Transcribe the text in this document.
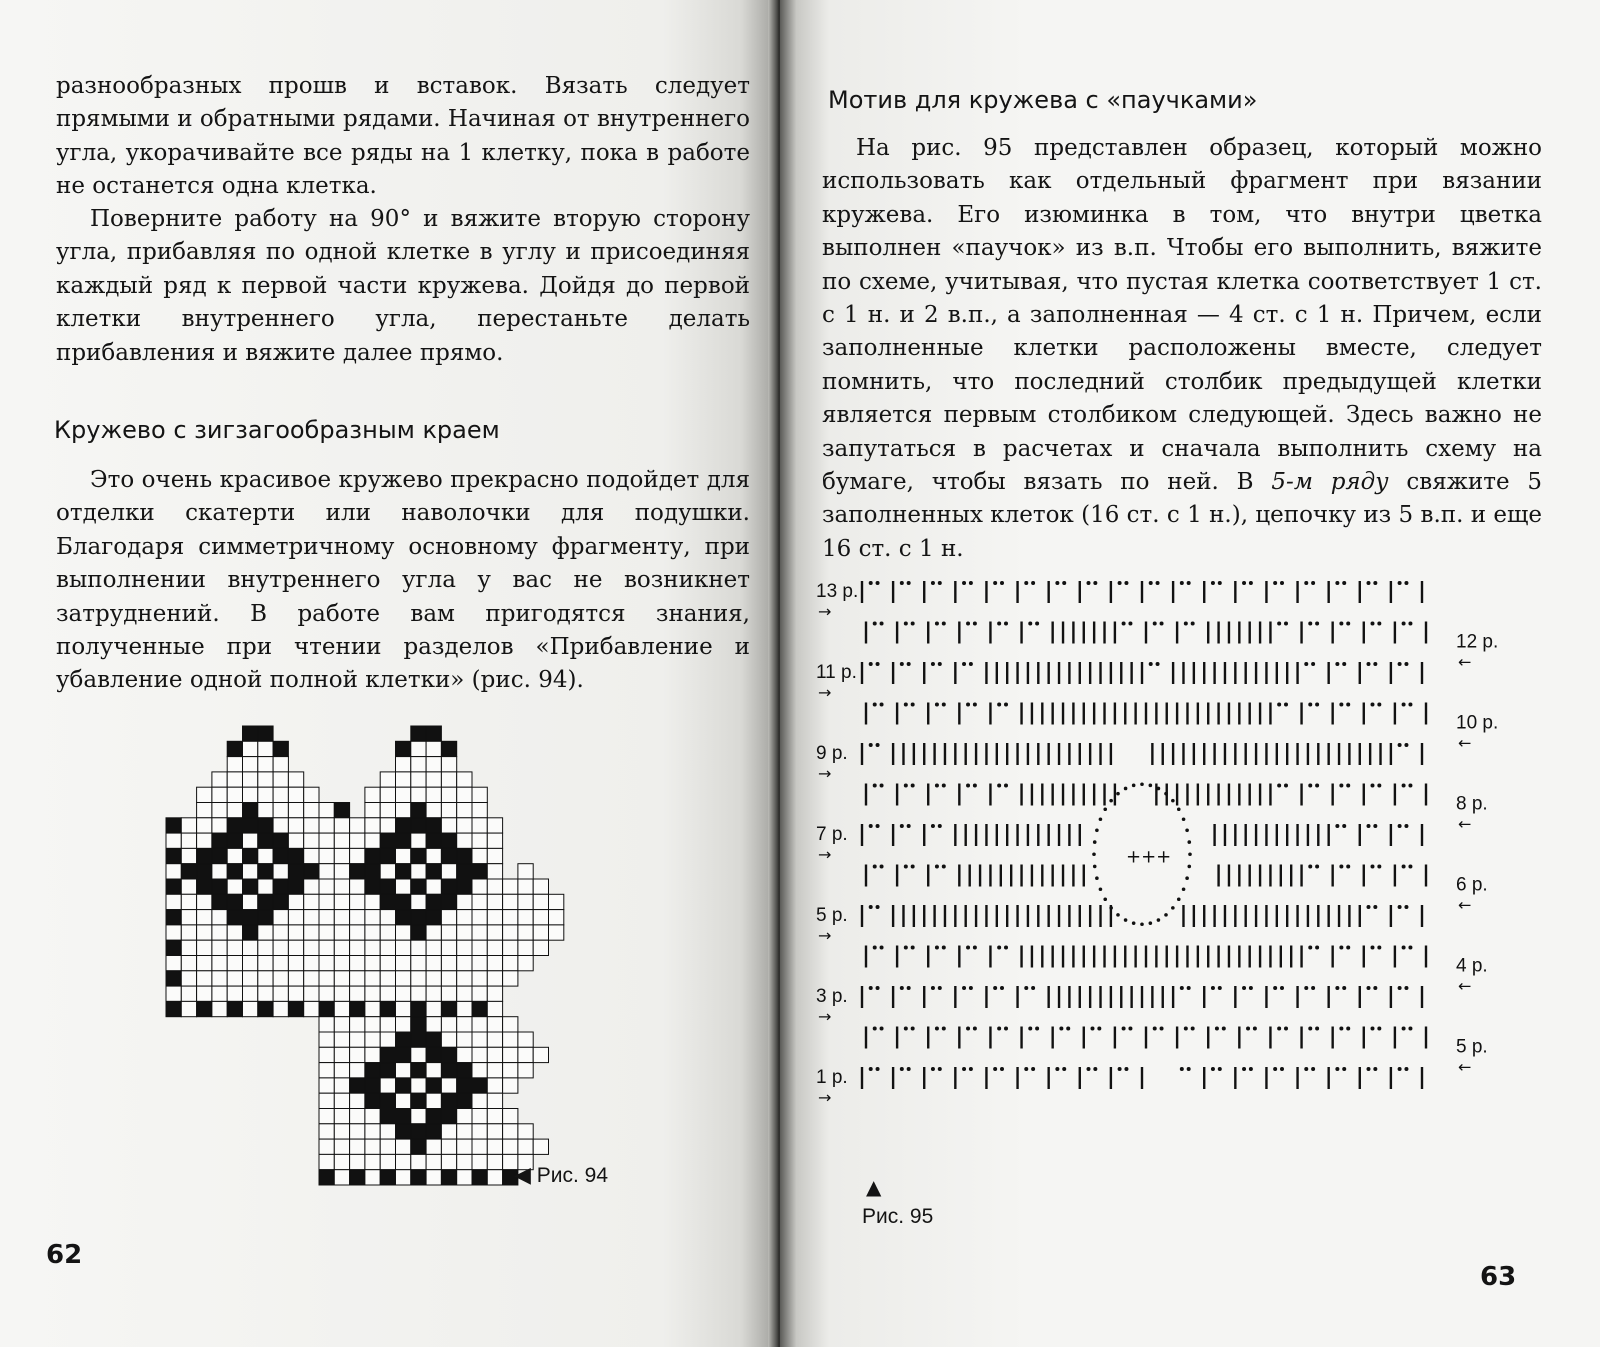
разнообразных прошв и вставок. Вязать следует прямыми и обратными рядами. Начиная от внутреннего угла, укорачивайте все ряды на 1 клетку, пока в работе не останется одна клетка.

Поверните работу на 90° и вяжите вторую сторону угла, прибавляя по одной клетке в углу и присоединяя каждый ряд к первой части кружева. Дойдя до первой клетки внутреннего угла, перестаньте делать прибавления и вяжите далее прямо.

Кружево с зигзагообразным краем

Это очень красивое кружево прекрасно подойдет для отделки скатерти или наволочки для подушки. Благодаря симметричному основному фрагменту, при выполнении внутреннего угла у вас не возникнет затруднений. В работе вам пригодятся знания, полученные при чтении разделов «Прибавление и убавление одной полной клетки» (рис. 94).

◀ Рис. 94
62
Мотив для кружева с «паучками»

На рис. 95 представлен образец, который можно использовать как отдельный фрагмент при вязании кружева. Его изюминка в том, что внутри цветка выполнен «паучок» из в.п. Чтобы его выполнить, вяжите по схеме, учитывая, что пустая клетка соответствует 1 ст. с 1 н. и 2 в.п., а заполненная — 4 ст. с 1 н. Причем, если заполненные клетки расположены вместе, следует помнить, что последний столбик предыдущей клетки является первым столбиком следующей. Здесь важно не запутаться в расчетах и сначала выполнить схему на бумаге, чтобы вязать по ней. В 5-м ряду свяжите 5 заполненных клеток (16 ст. с 1 н.), цепочку из 5 в.п. и еще 16 ст. с 1 н.

13 р.
→
11 р.
→
9 р.
→
7 р.
→
5 р.
→
3 р.
→
1 р.
→
12 р.
←
10 р.
←
8 р.
←
6 р.
←
4 р.
←
5 р.
←
+++
▲
Рис. 95
63
